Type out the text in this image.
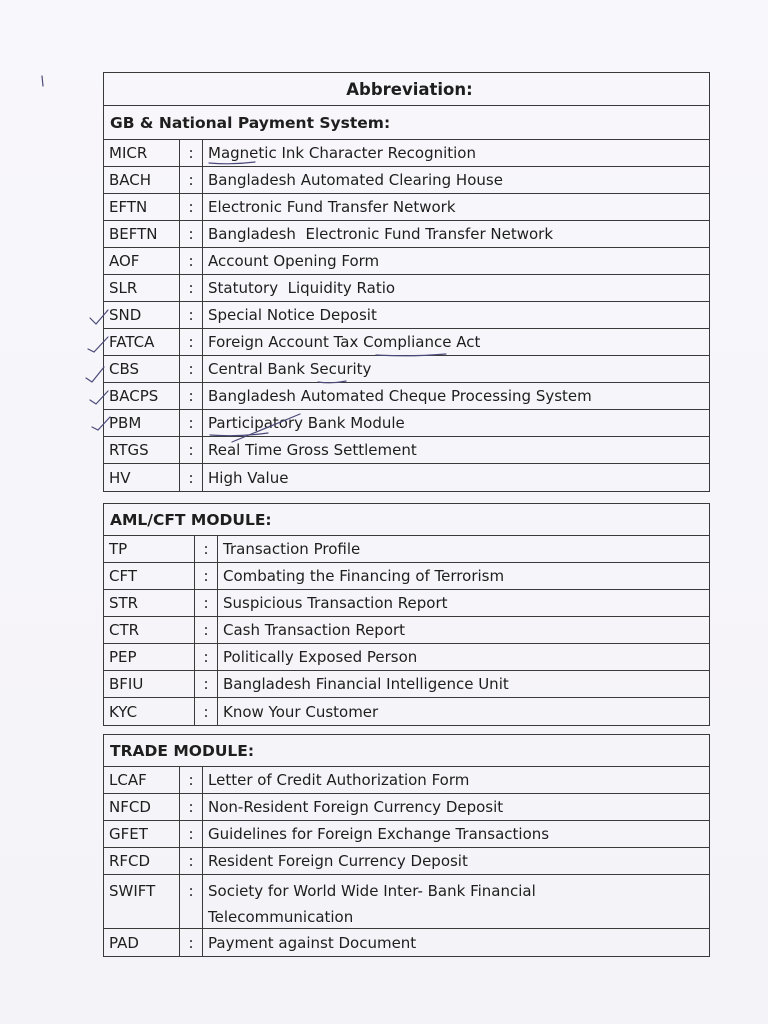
Abbreviation:
GB & National Payment System:
MICR	: Magnetic Ink Character Recognition
BACH	: Bangladesh Automated Clearing House
EFTN	: Electronic Fund Transfer Network
BEFTN	: Bangladesh  Electronic Fund Transfer Network
AOF	: Account Opening Form
SLR	: Statutory  Liquidity Ratio
SND	: Special Notice Deposit
FATCA	: Foreign Account Tax Compliance Act
CBS	: Central Bank Security
BACPS	: Bangladesh Automated Cheque Processing System
PBM	: Participatory Bank Module
RTGS	: Real Time Gross Settlement
HV	: High Value
AML/CFT MODULE:
TP	: Transaction Profile
CFT	: Combating the Financing of Terrorism
STR	: Suspicious Transaction Report
CTR	: Cash Transaction Report
PEP	: Politically Exposed Person
BFIU	: Bangladesh Financial Intelligence Unit
KYC	: Know Your Customer
TRADE MODULE:
LCAF	: Letter of Credit Authorization Form
NFCD	: Non-Resident Foreign Currency Deposit
GFET	: Guidelines for Foreign Exchange Transactions
RFCD	: Resident Foreign Currency Deposit
SWIFT	: Society for World Wide Inter- Bank Financial Telecommunication
PAD	: Payment against Document
